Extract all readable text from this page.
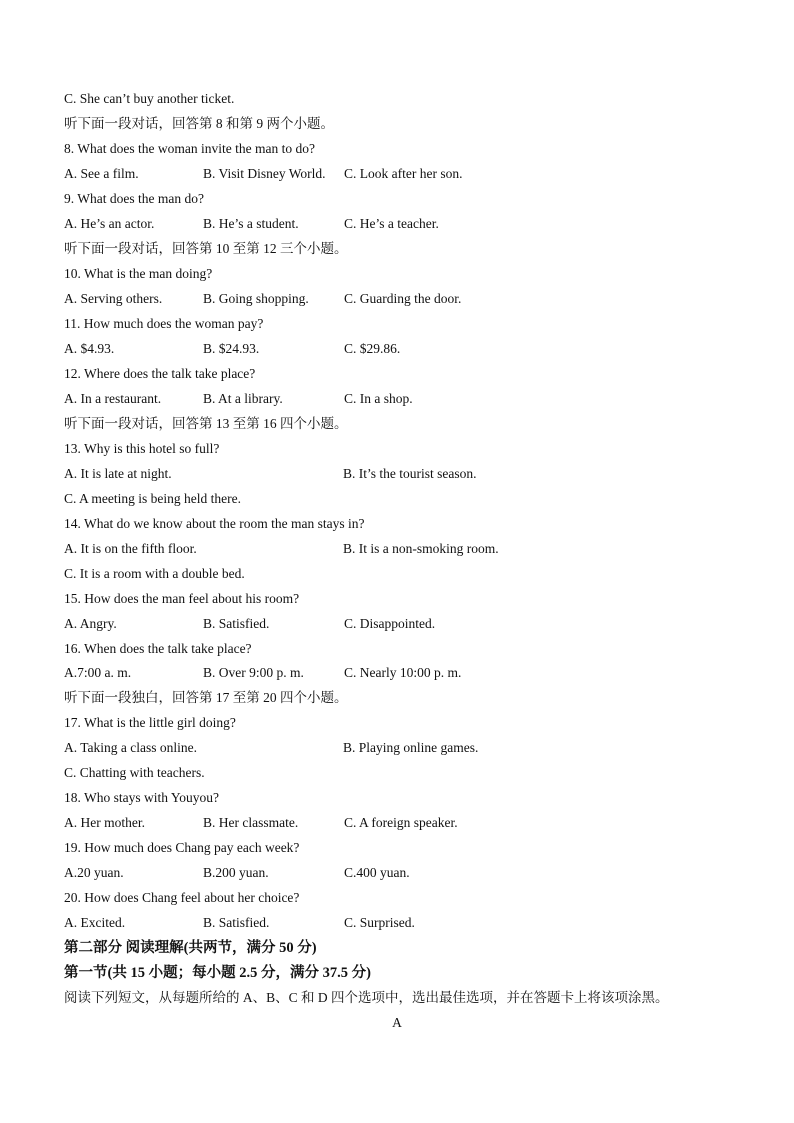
C. She can’t buy another ticket.
听下面一段对话，回答第 8 和第 9 两个小题。
8. What does the woman invite the man to do?
A. See a film.	B. Visit Disney World. C. Look after her son.
9. What does the man do?
A. He’s an actor.	B. He’s a student.	C. He’s a teacher.
听下面一段对话，回答第 10 至第 12 三个小题。
10. What is the man doing?
A. Serving others.	B. Going shopping.	C. Guarding the door.
11. How much does the woman pay?
A. $4.93.	B. $24.93.	C. $29.86.
12. Where does the talk take place?
A. In a restaurant.	B. At a library.	C. In a shop.
听下面一段对话，回答第 13 至第 16 四个小题。
13. Why is this hotel so full?
A. It is late at night.	B. It’s the tourist season.
C. A meeting is being held there.
14. What do we know about the room the man stays in?
A. It is on the fifth floor.	B. It is a non-smoking room.
C. It is a room with a double bed.
15. How does the man feel about his room?
A. Angry.	B. Satisfied.	C. Disappointed.
16. When does the talk take place?
A.7:00 a. m.	B. Over 9:00 p. m.	C. Nearly 10:00 p. m.
听下面一段独白，回答第 17 至第 20 四个小题。
17. What is the little girl doing?
A. Taking a class online.	B. Playing online games.
C. Chatting with teachers.
18. Who stays with Youyou?
A. Her mother.	B. Her classmate.	C. A foreign speaker.
19. How much does Chang pay each week?
A.20 yuan.	B.200 yuan.	C.400 yuan.
20. How does Chang feel about her choice?
A. Excited.	B. Satisfied.	C. Surprised.
第二部分 阅读理解(共两节，满分 50 分)
第一节(共 15 小题；每小题 2.5 分，满分 37.5 分)
阅读下列短文，从每题所给的 A、B、C 和 D 四个选项中，选出最佳选项，并在答题卡上将该项涂黑。
A
